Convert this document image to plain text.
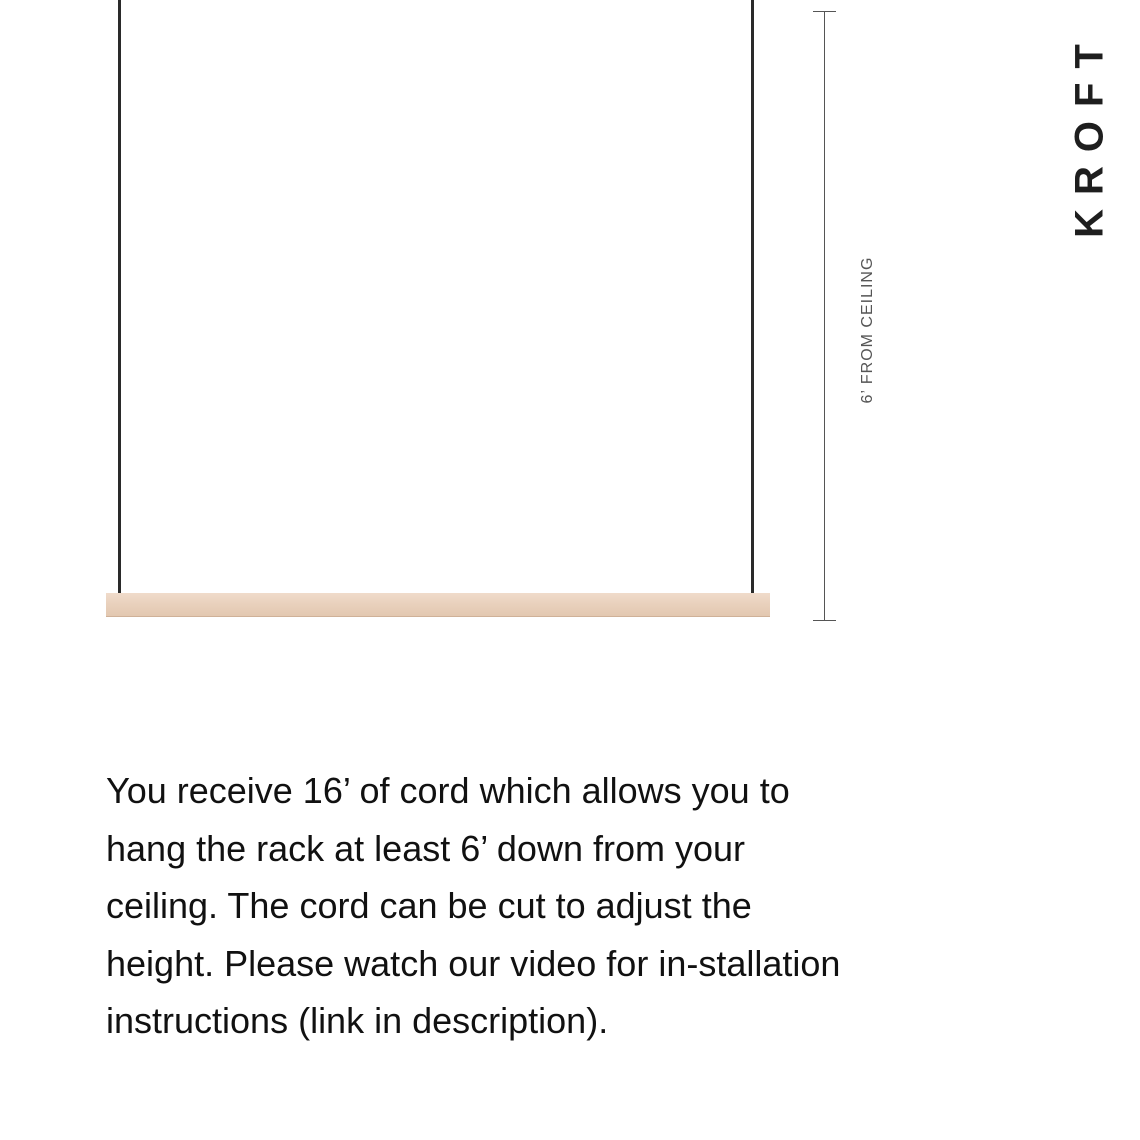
6’ FROM CEILING
KROFT

You receive 16’ of cord which allows you to hang the rack at least 6’ down from your ceiling. The cord can be cut to adjust the height. Please watch our video for in-stallation instructions (link in description).
